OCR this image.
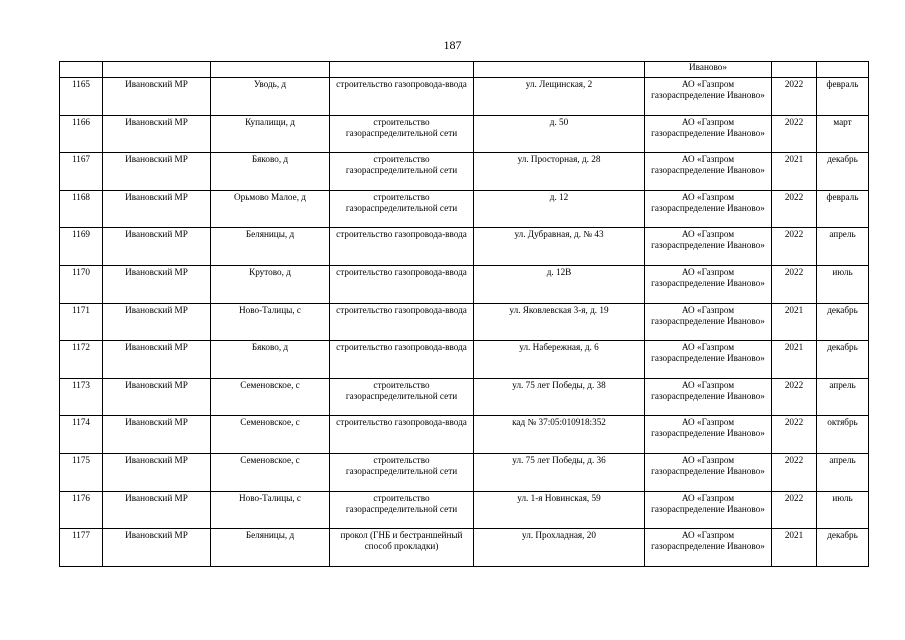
187
					Иваново»		
1165	Ивановский МР	Уводь, д	строительство газопровода-ввода	ул. Лещинская, 2	АО «Газпром газораспределение Иваново»	2022	февраль
1166	Ивановский МР	Купалищи, д	строительство газораспределительной сети	д. 50	АО «Газпром газораспределение Иваново»	2022	март
1167	Ивановский МР	Бяково, д	строительство газораспределительной сети	ул. Просторная, д. 28	АО «Газпром газораспределение Иваново»	2021	декабрь
1168	Ивановский МР	Орьмово Малое, д	строительство газораспределительной сети	д. 12	АО «Газпром газораспределение Иваново»	2022	февраль
1169	Ивановский МР	Беляницы, д	строительство газопровода-ввода	ул. Дубравная, д. № 43	АО «Газпром газораспределение Иваново»	2022	апрель
1170	Ивановский МР	Крутово, д	строительство газопровода-ввода	д. 12В	АО «Газпром газораспределение Иваново»	2022	июль
1171	Ивановский МР	Ново-Талицы, с	строительство газопровода-ввода	ул. Яковлевская 3-я, д. 19	АО «Газпром газораспределение Иваново»	2021	декабрь
1172	Ивановский МР	Бяково, д	строительство газопровода-ввода	ул. Набережная, д. 6	АО «Газпром газораспределение Иваново»	2021	декабрь
1173	Ивановский МР	Семеновское, с	строительство газораспределительной сети	ул. 75 лет Победы, д. 38	АО «Газпром газораспределение Иваново»	2022	апрель
1174	Ивановский МР	Семеновское, с	строительство газопровода-ввода	кад № 37:05:010918:352	АО «Газпром газораспределение Иваново»	2022	октябрь
1175	Ивановский МР	Семеновское, с	строительство газораспределительной сети	ул. 75 лет Победы, д. 36	АО «Газпром газораспределение Иваново»	2022	апрель
1176	Ивановский МР	Ново-Талицы, с	строительство газораспределительной сети	ул. 1-я Новинская, 59	АО «Газпром газораспределение Иваново»	2022	июль
1177	Ивановский МР	Беляницы, д	прокол (ГНБ и бестраншейный способ прокладки)	ул. Прохладная, 20	АО «Газпром газораспределение Иваново»	2021	декабрь
